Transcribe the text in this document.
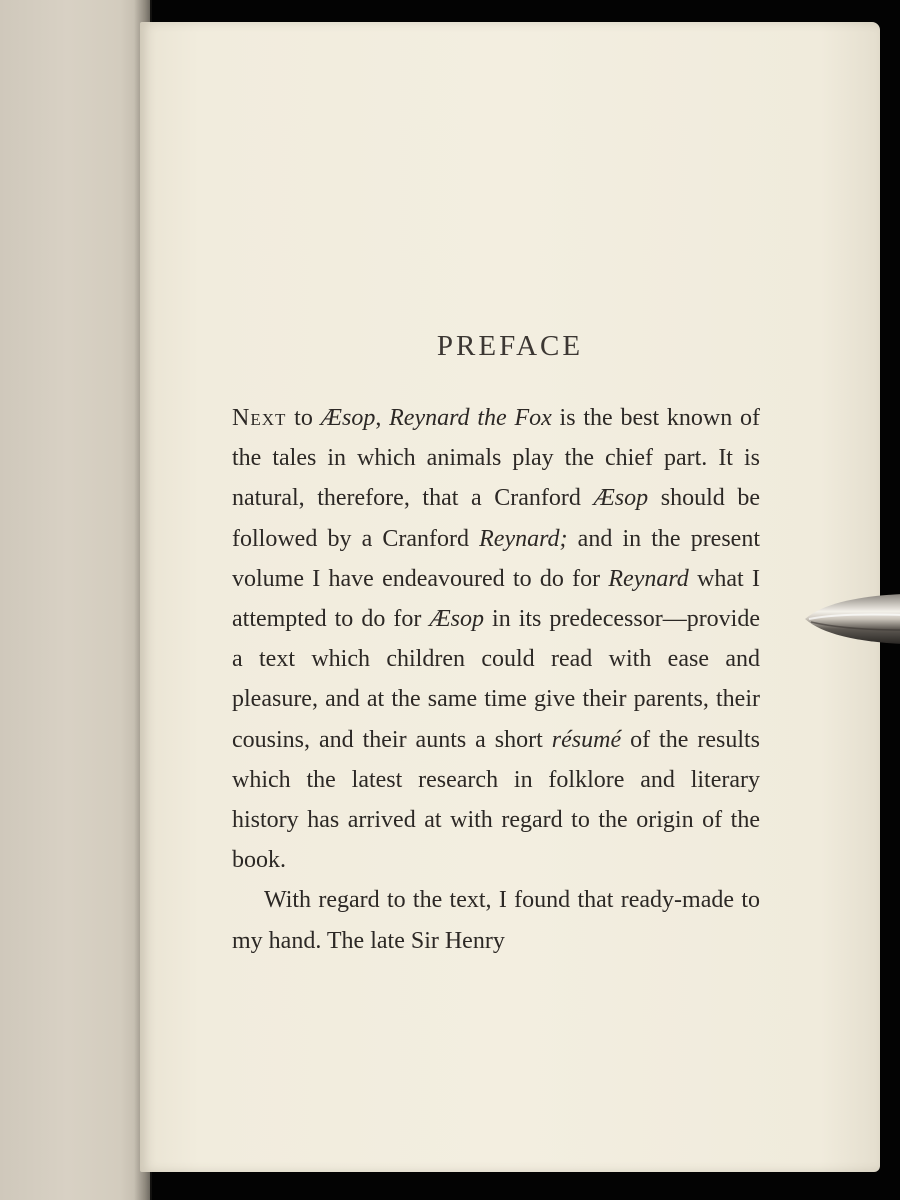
PREFACE

Next to Æsop, Reynard the Fox is the best known of the tales in which animals play the chief part. It is natural, therefore, that a Cranford Æsop should be followed by a Cranford Reynard; and in the present volume I have endeavoured to do for Reynard what I attempted to do for Æsop in its predecessor—provide a text which children could read with ease and pleasure, and at the same time give their parents, their cousins, and their aunts a short résumé of the results which the latest research in folklore and literary history has arrived at with regard to the origin of the book.

With regard to the text, I found that ready-made to my hand. The late Sir Henry
